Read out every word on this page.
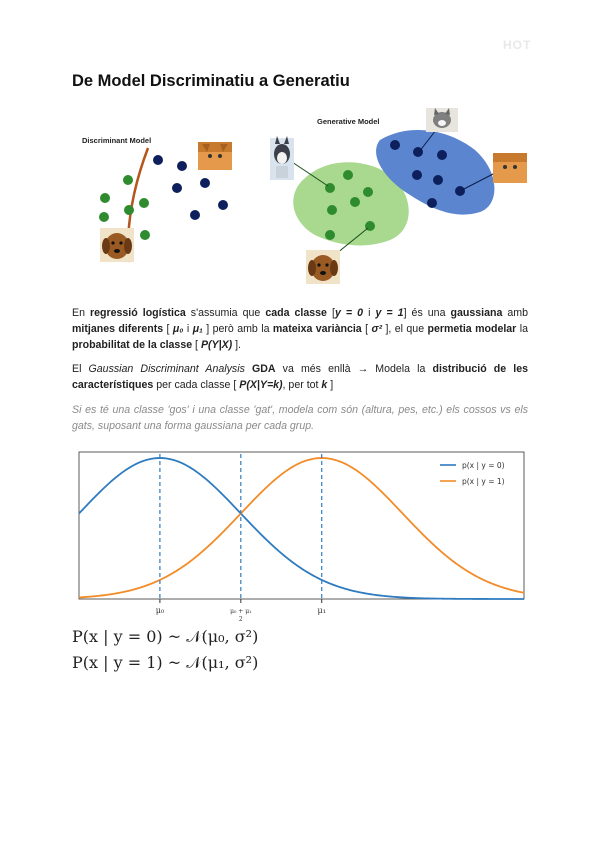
HOT
De Model Discriminatiu a Generatiu
Discriminant Model
Generative Model
En regressió logística s'assumia que cada classe [y = 0 i y = 1] és una gaussiana amb mitjanes diferents [ μ₀ i μ₁ ] però amb la mateixa variància [ σ² ], el que permetia modelar la probabilitat de la classe [ P(Y|X) ].
El Gaussian Discriminant Analysis GDA va més enllà → Modela la distribució de les característiques per cada classe [ P(X|Y=k), per tot k ]
Si es té una classe 'gos' i una classe 'gat', modela com són (altura, pes, etc.) els cossos vs els gats, suposant una forma gaussiana per cada grup.
μ₀	μ₀ + μ₁
2
μ₁
p(x | y = 0)
p(x | y = 1)
P(x | y = 0) ~ 𝒩(μ₀, σ²)
P(x | y = 1) ~ 𝒩(μ₁, σ²)
